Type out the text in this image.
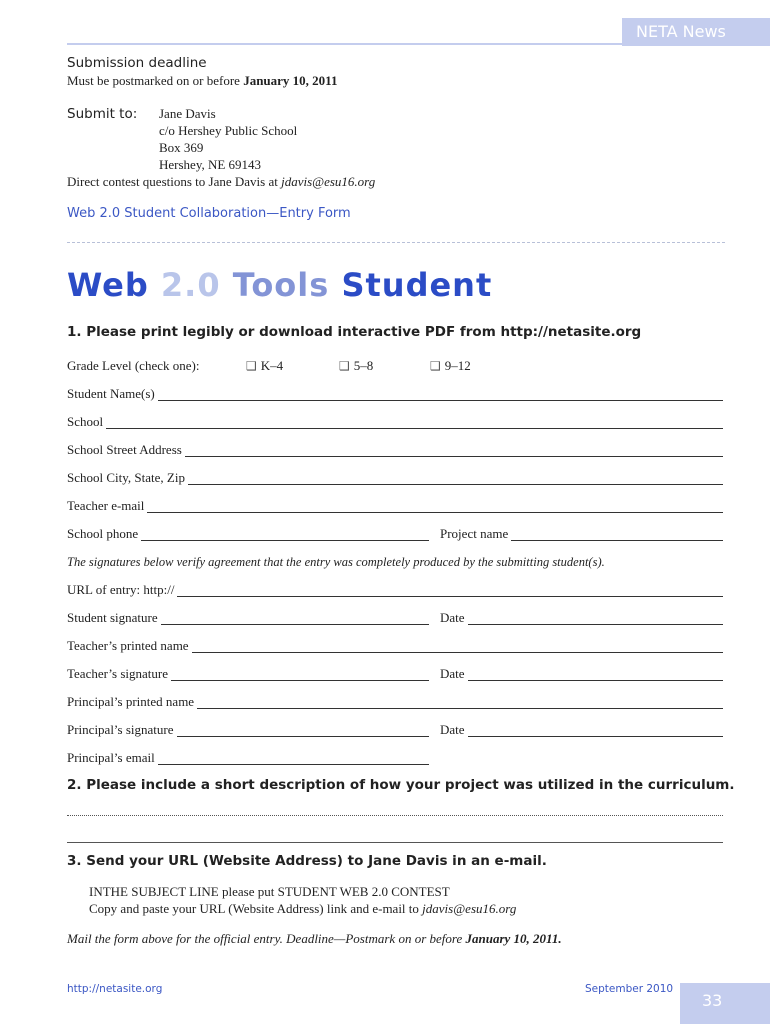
NETA News
Submission deadline
Must be postmarked on or before January 10, 2011
Submit to: Jane Davis
c/o Hershey Public School
Box 369
Hershey, NE 69143
Direct contest questions to Jane Davis at jdavis@esu16.org
Web 2.0 Student Collaboration—Entry Form
Web 2.0 Tools Student
1. Please print legibly or download interactive PDF from http://netasite.org
Grade Level (check one):	❑ K–4	❑ 5–8	❑ 9–12
Student Name(s)
School
School Street Address
School City, State, Zip
Teacher e-mail
School phone	Project name
The signatures below verify agreement that the entry was completely produced by the submitting student(s).
URL of entry: http://
Student signature	Date
Teacher’s printed name
Teacher’s signature	Date
Principal’s printed name
Principal’s signature	Date
Principal’s email
2. Please include a short description of how your project was utilized in the curriculum.
3. Send your URL (Website Address) to Jane Davis in an e-mail.
INTHE SUBJECT LINE please put STUDENT WEB 2.0 CONTEST
Copy and paste your URL (Website Address) link and e-mail to jdavis@esu16.org
Mail the form above for the official entry. Deadline—Postmark on or before January 10, 2011.
http://netasite.org	September 2010
33
